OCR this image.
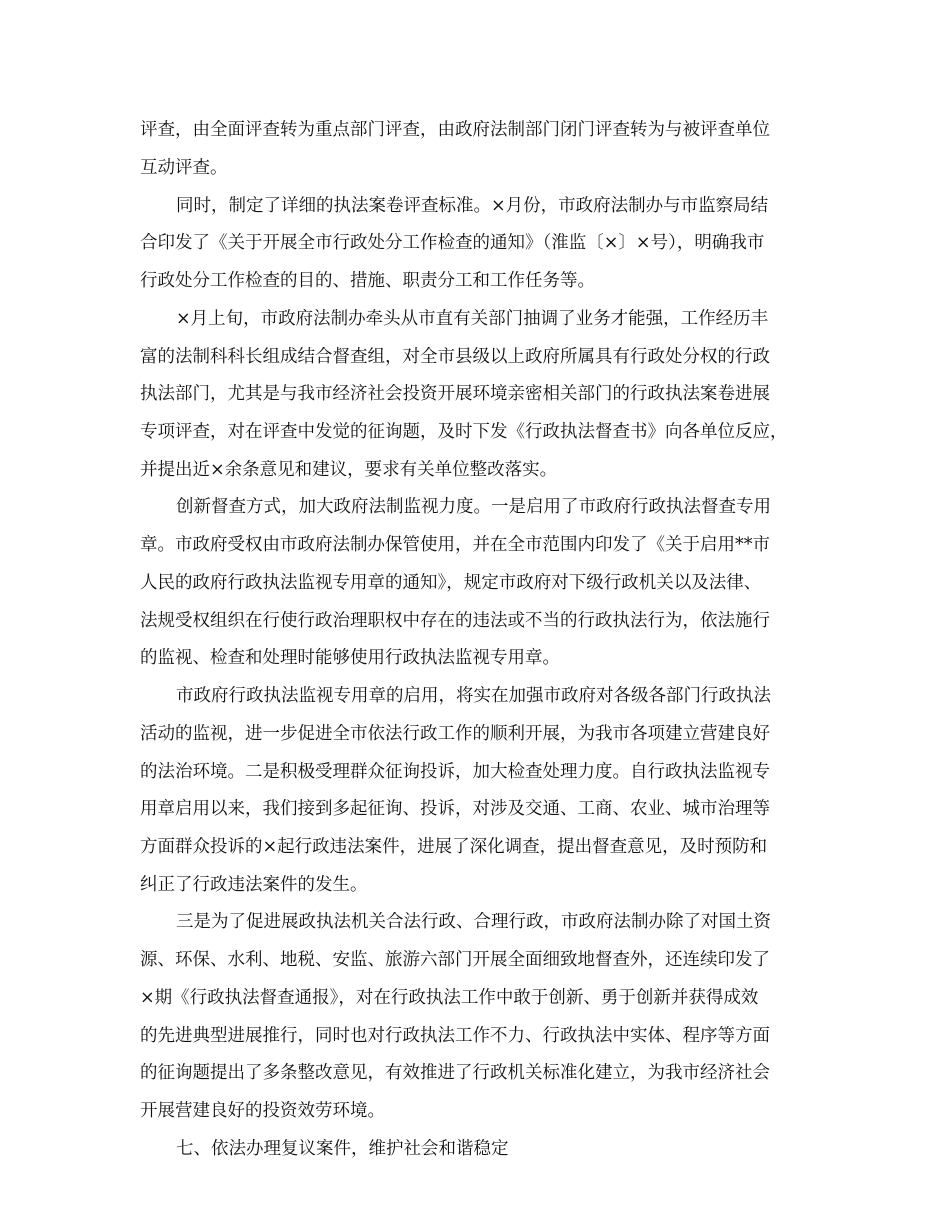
评查，由全面评查转为重点部门评查，由政府法制部门闭门评查转为与被评查单位
互动评查。
同时，制定了详细的执法案卷评查标准。×月份，市政府法制办与市监察局结
合印发了《关于开展全市行政处分工作检查的通知》（淮监〔×〕×号），明确我市
行政处分工作检查的目的、措施、职责分工和工作任务等。
×月上旬，市政府法制办牵头从市直有关部门抽调了业务才能强，工作经历丰
富的法制科科长组成结合督查组，对全市县级以上政府所属具有行政处分权的行政
执法部门，尤其是与我市经济社会投资开展环境亲密相关部门的行政执法案卷进展
专项评查，对在评查中发觉的征询题，及时下发《行政执法督查书》向各单位反应，
并提出近×余条意见和建议，要求有关单位整改落实。
创新督查方式，加大政府法制监视力度。一是启用了市政府行政执法督查专用
章。市政府受权由市政府法制办保管使用，并在全市范围内印发了《关于启用**市
人民的政府行政执法监视专用章的通知》，规定市政府对下级行政机关以及法律、
法规受权组织在行使行政治理职权中存在的违法或不当的行政执法行为，依法施行
的监视、检查和处理时能够使用行政执法监视专用章。
市政府行政执法监视专用章的启用，将实在加强市政府对各级各部门行政执法
活动的监视，进一步促进全市依法行政工作的顺利开展，为我市各项建立营建良好
的法治环境。二是积极受理群众征询投诉，加大检查处理力度。自行政执法监视专
用章启用以来，我们接到多起征询、投诉，对涉及交通、工商、农业、城市治理等
方面群众投诉的×起行政违法案件，进展了深化调查，提出督查意见，及时预防和
纠正了行政违法案件的发生。
三是为了促进展政执法机关合法行政、合理行政，市政府法制办除了对国土资
源、环保、水利、地税、安监、旅游六部门开展全面细致地督查外，还连续印发了
×期《行政执法督查通报》，对在行政执法工作中敢于创新、勇于创新并获得成效
的先进典型进展推行，同时也对行政执法工作不力、行政执法中实体、程序等方面
的征询题提出了多条整改意见，有效推进了行政机关标准化建立，为我市经济社会
开展营建良好的投资效劳环境。
七、依法办理复议案件，维护社会和谐稳定
